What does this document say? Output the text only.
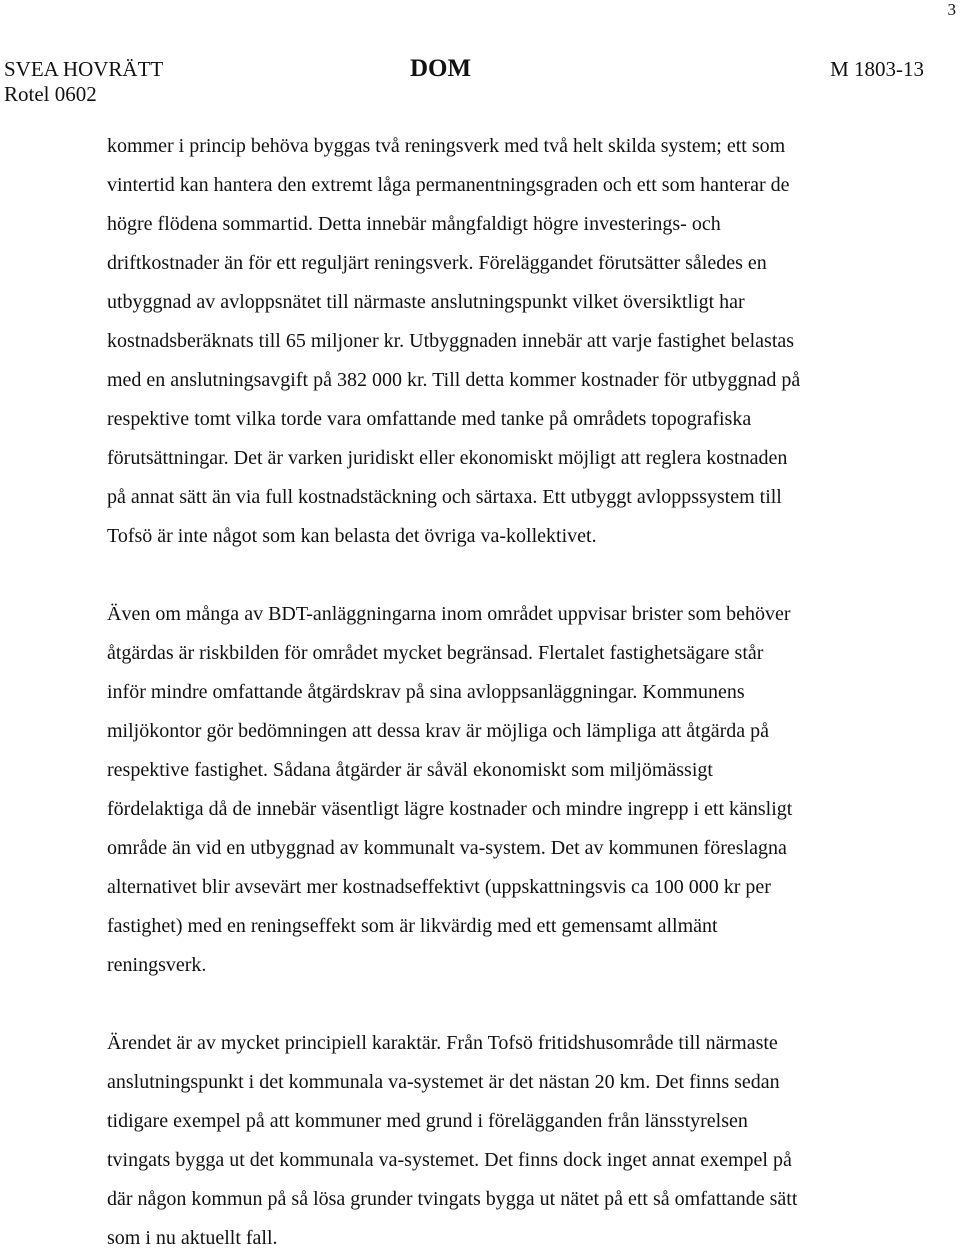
3
SVEA HOVRÄTT
Rotel 0602
DOM	M 1803-13

kommer i princip behöva byggas två reningsverk med två helt skilda system; ett som
vintertid kan hantera den extremt låga permanentningsgraden och ett som hanterar de
högre flödena sommartid. Detta innebär mångfaldigt högre investerings- och
driftkostnader än för ett reguljärt reningsverk. Föreläggandet förutsätter således en
utbyggnad av avloppsnätet till närmaste anslutningspunkt vilket översiktligt har
kostnadsberäknats till 65 miljoner kr. Utbyggnaden innebär att varje fastighet belastas
med en anslutningsavgift på 382 000 kr. Till detta kommer kostnader för utbyggnad på
respektive tomt vilka torde vara omfattande med tanke på områdets topografiska
förutsättningar. Det är varken juridiskt eller ekonomiskt möjligt att reglera kostnaden
på annat sätt än via full kostnadstäckning och särtaxa. Ett utbyggt avloppssystem till
Tofsö är inte något som kan belasta det övriga va-kollektivet.

Även om många av BDT-anläggningarna inom området uppvisar brister som behöver
åtgärdas är riskbilden för området mycket begränsad. Flertalet fastighetsägare står
inför mindre omfattande åtgärdskrav på sina avloppsanläggningar. Kommunens
miljökontor gör bedömningen att dessa krav är möjliga och lämpliga att åtgärda på
respektive fastighet. Sådana åtgärder är såväl ekonomiskt som miljömässigt
fördelaktiga då de innebär väsentligt lägre kostnader och mindre ingrepp i ett känsligt
område än vid en utbyggnad av kommunalt va-system. Det av kommunen föreslagna
alternativet blir avsevärt mer kostnadseffektivt (uppskattningsvis ca 100 000 kr per
fastighet) med en reningseffekt som är likvärdig med ett gemensamt allmänt
reningsverk.

Ärendet är av mycket principiell karaktär. Från Tofsö fritidshusområde till närmaste
anslutningspunkt i det kommunala va-systemet är det nästan 20 km. Det finns sedan
tidigare exempel på att kommuner med grund i förelägganden från länsstyrelsen
tvingats bygga ut det kommunala va-systemet. Det finns dock inget annat exempel på
där någon kommun på så lösa grunder tvingats bygga ut nätet på ett så omfattande sätt
som i nu aktuellt fall.
